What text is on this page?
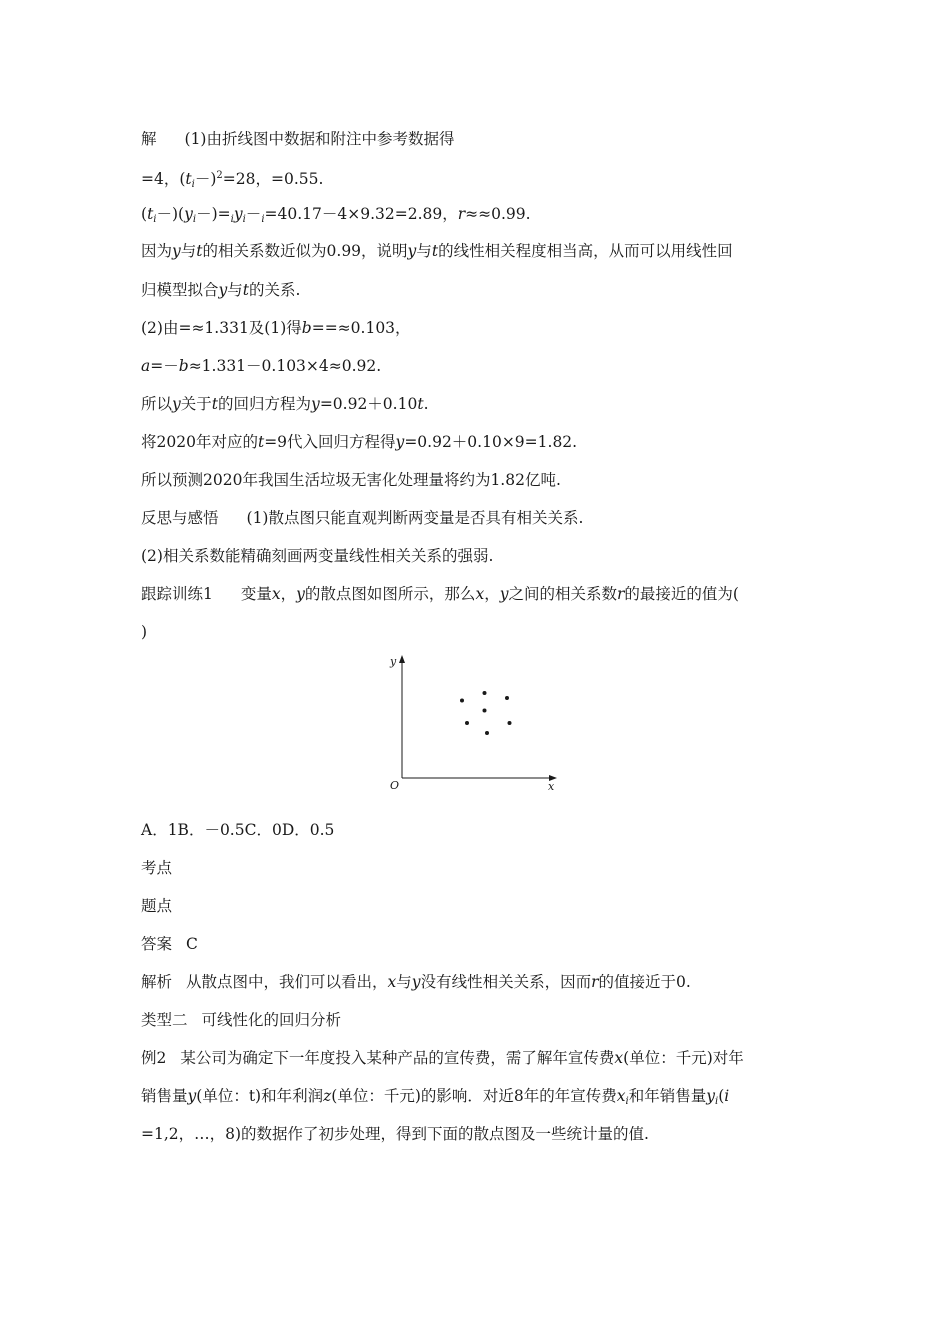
解 (1)由折线图中数据和附注中参考数据得
=4，$(t_i-)^2=28$，=0.55.
$(t_i-)(y_i-)=_iy_i-_i=40.17-4\times 9.32=2.89$，r≈≈0.99.
因为y与t的相关系数近似为0.99，说明y与t的线性相关程度相当高，从而可以用线性回
归模型拟合y与t的关系.
(2)由=≈1.331及(1)得b==≈0.103，
a=－b≈1.331－0.103×4≈0.92.
所以y关于t的回归方程为y=0.92＋0.10t.
将2020年对应的t=9代入回归方程得y=0.92＋0.10×9=1.82.
所以预测2020年我国生活垃圾无害化处理量将约为1.82亿吨.
反思与感悟 (1)散点图只能直观判断两变量是否具有相关关系.
(2)相关系数能精确刻画两变量线性相关关系的强弱.
跟踪训练1 变量x，y的散点图如图所示，那么x，y之间的相关系数r的最接近的值为(
)
y
x
O
A．1B．－0.5C．0D．0.5
考点
题点
答案 C
解析 从散点图中，我们可以看出，x与y没有线性相关关系，因而r的值接近于0.
类型二 可线性化的回归分析
例2 某公司为确定下一年度投入某种产品的宣传费，需了解年宣传费x(单位：千元)对年
销售量y(单位：t)和年利润z(单位：千元)的影响．对近8年的年宣传费$x_i$和年销售量$y_i(i$
=1,2，…，8)的数据作了初步处理，得到下面的散点图及一些统计量的值.
